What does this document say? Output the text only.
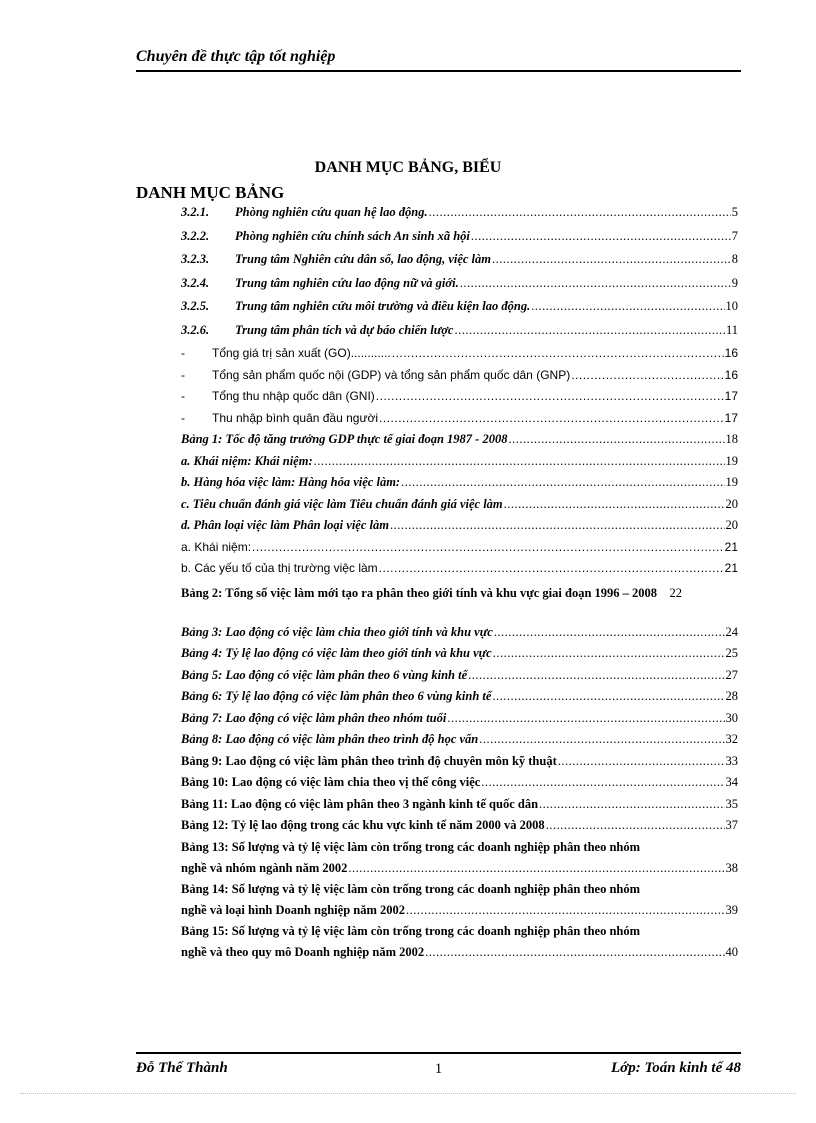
Chuyên đề thực tập tốt nghiệp
DANH MỤC BẢNG, BIỂU
DANH MỤC BẢNG
3.2.1.	Phòng nghiên cứu quan hệ lao động. .....	5
3.2.2.	Phòng nghiên cứu chính sách An sinh xã hội .....	7
3.2.3.	Trung tâm Nghiên cứu dân số, lao động, việc làm .....	8
3.2.4.	Trung tâm nghiên cứu lao động nữ và giới. .....	9
3.2.5.	Trung tâm nghiên cứu môi trường và điều kiện lao động. .....	10
3.2.6.	Trung tâm phân tích và dự báo chiến lược .....	11
-	Tổng giá trị sản xuất (GO)............ .....	16
-	Tổng sản phẩm quốc nội (GDP) và tổng sản phẩm quốc dân (GNP) .....	16
-	Tổng thu nhập quốc dân (GNI) .....	17
-	Thu nhập bình quân đầu người .....	17
Bảng 1: Tốc độ tăng trưởng GDP thực tế giai đoạn 1987 - 2008 .....	18
a. Khái niệm: Khái niệm: .....	19
b. Hàng hóa việc làm: Hàng hóa việc làm: .....	19
c. Tiêu chuẩn đánh giá việc làm Tiêu chuẩn đánh giá việc làm .....	20
d. Phân loại việc làm Phân loại việc làm .....	20
a. Khái niệm: .....	21
b. Các yếu tố của thị trường việc làm .....	21
Bảng 2: Tổng số việc làm mới tạo ra phân theo giới tính và khu vực giai đoạn 1996 – 2008 22
Bảng 3: Lao động có việc làm chia theo giới tính và khu vực .....	24
Bảng 4: Tỷ lệ lao động có việc làm theo giới tính và khu vực .....	25
Bảng 5: Lao động có việc làm phân theo 6 vùng kinh tế .....	27
Bảng 6: Tỷ lệ lao động có việc làm phân theo 6 vùng kinh tế .....	28
Bảng 7: Lao động có việc làm phân theo nhóm tuổi .....	30
Bảng 8: Lao động có việc làm phân theo trình độ học vấn .....	32
Bảng 9: Lao động có việc làm phân theo trình độ chuyên môn kỹ thuật .....	33
Bảng 10: Lao động có việc làm chia theo vị thế công việc .....	34
Bảng 11: Lao động có việc làm phân theo 3 ngành kinh tế quốc dân .....	35
Bảng 12: Tỷ lệ lao động trong các khu vực kinh tế năm 2000 và 2008 .....	37
Bảng 13: Số lượng và tỷ lệ việc làm còn trống trong các doanh nghiệp phân theo nhóm
nghề và nhóm ngành năm 2002 .....	38
Bảng 14: Số lượng và tỷ lệ việc làm còn trống trong các doanh nghiệp phân theo nhóm
nghề và loại hình Doanh nghiệp năm 2002 .....	39
Bảng 15: Số lượng và tỷ lệ việc làm còn trống trong các doanh nghiệp phân theo nhóm
nghề và theo quy mô Doanh nghiệp năm 2002 .....	40
Đỗ Thế Thành	1	Lớp: Toán kinh tế 48
